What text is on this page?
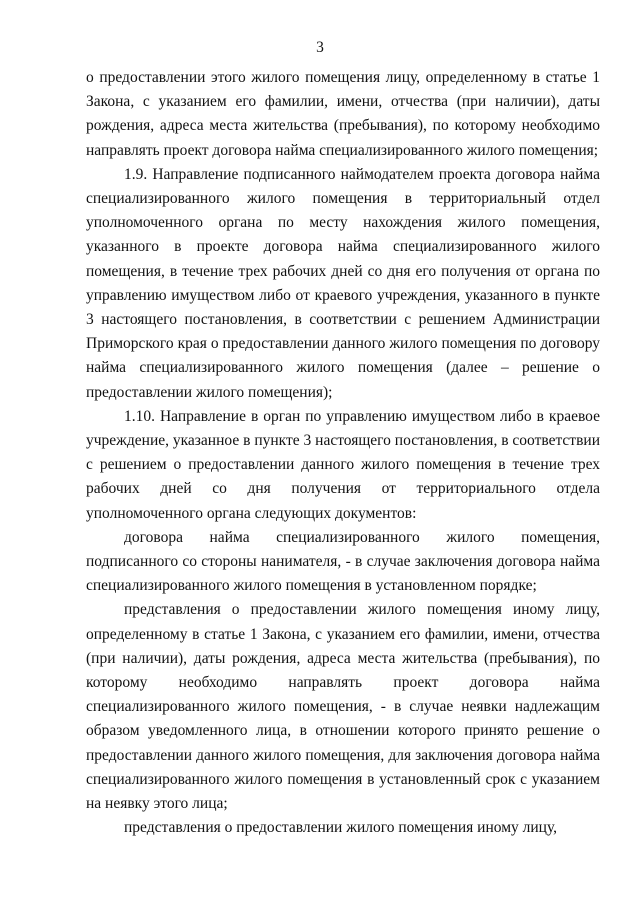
3

о предоставлении этого жилого помещения лицу, определенному в статье 1 Закона, с указанием его фамилии, имени, отчества (при наличии), даты рождения, адреса места жительства (пребывания), по которому необходимо направлять проект договора найма специализированного жилого помещения;

1.9. Направление подписанного наймодателем проекта договора найма специализированного жилого помещения в территориальный отдел уполномоченного органа по месту нахождения жилого помещения, указанного в проекте договора найма специализированного жилого помещения, в течение трех рабочих дней со дня его получения от органа по управлению имуществом либо от краевого учреждения, указанного в пункте 3 настоящего постановления, в соответствии с решением Администрации Приморского края о предоставлении данного жилого помещения по договору найма специализированного жилого помещения (далее – решение о предоставлении жилого помещения);

1.10. Направление в орган по управлению имуществом либо в краевое учреждение, указанное в пункте 3 настоящего постановления, в соответствии с решением о предоставлении данного жилого помещения в течение трех рабочих дней со дня получения от территориального отдела уполномоченного органа следующих документов:

договора найма специализированного жилого помещения, подписанного со стороны нанимателя, - в случае заключения договора найма специализированного жилого помещения в установленном порядке;

представления о предоставлении жилого помещения иному лицу, определенному в статье 1 Закона, с указанием его фамилии, имени, отчества (при наличии), даты рождения, адреса места жительства (пребывания), по которому необходимо направлять проект договора найма специализированного жилого помещения, - в случае неявки надлежащим образом уведомленного лица, в отношении которого принято решение о предоставлении данного жилого помещения, для заключения договора найма специализированного жилого помещения в установленный срок с указанием на неявку этого лица;

представления о предоставлении жилого помещения иному лицу,
